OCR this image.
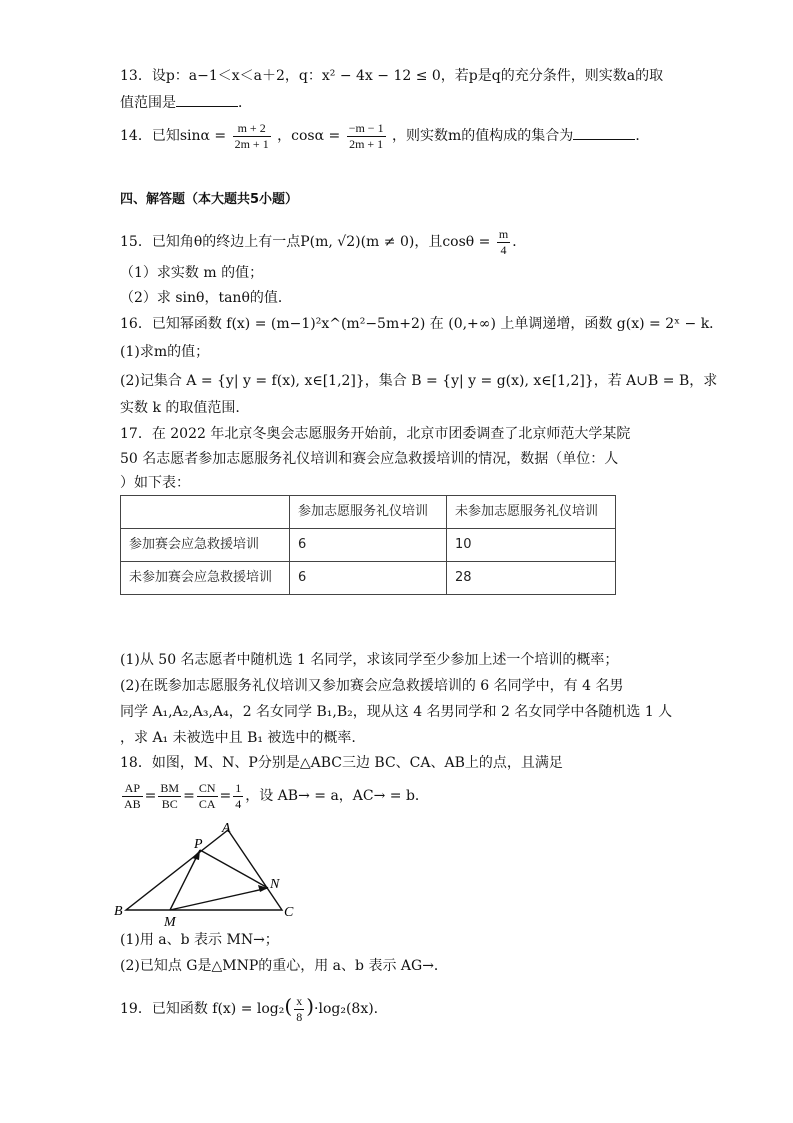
13．设p：a−1＜x＜a＋2，q：x² − 4x − 12 ≤ 0，若p是q的充分条件，则实数a的取
值范围是	．
14．已知$\sin\alpha = \frac{m + 2}{2m + 1}$ ，$\cos\alpha = \frac{-m - 1}{2m + 1}$ ，则实数m的值构成的集合为	．
四、解答题（本大题共5小题）
15．已知角θ的终边上有一点P(m, √2)(m ≠ 0)，且$\cos\theta = \frac{m}{4}$ ．
（1）求实数 m 的值；
（2）求 sinθ，tanθ的值．
16．已知幂函数 f(x) = (m−1)²x^(m²−5m+2) 在 (0,+∞) 上单调递增，函数 g(x) = 2ˣ − k．
(1)求m的值；
(2)记集合 A = {y| y = f(x), x∈[1,2]}，集合 B = {y| y = g(x), x∈[1,2]}，若 A∪B = B，求
实数 k 的取值范围.
17．在 2022 年北京冬奥会志愿服务开始前，北京市团委调查了北京师范大学某院
50 名志愿者参加志愿服务礼仪培训和赛会应急救援培训的情况，数据（单位：人
）如下表：
	参加志愿服务礼仪培训	未参加志愿服务礼仪培训
参加赛会应急救援培训	6	10
未参加赛会应急救援培训	6	28
(1)从 50 名志愿者中随机选 1 名同学，求该同学至少参加上述一个培训的概率；
(2)在既参加志愿服务礼仪培训又参加赛会应急救援培训的 6 名同学中，有 4 名男
同学 A₁,A₂,A₃,A₄，2 名女同学 B₁,B₂，现从这 4 名男同学和 2 名女同学中各随机选 1 人
，求 A₁ 未被选中且 B₁ 被选中的概率.
18．如图，M、N、P分别是△ABC三边 BC、CA、AB上的点，且满足
$\frac{AP}{AB} = \frac{BM}{BC} = \frac{CN}{CA} = \frac{1}{4}$ ，设 AB→ = a，AC→ = b．
A
B	C
M
N
P
(1)用 a、b 表示 MN→；
(2)已知点 G是△MNP的重心，用 a、b 表示 AG→．
19．已知函数 $f(x) = \log_2( \frac{x}{8} )\cdot\log_2(8x)$.
